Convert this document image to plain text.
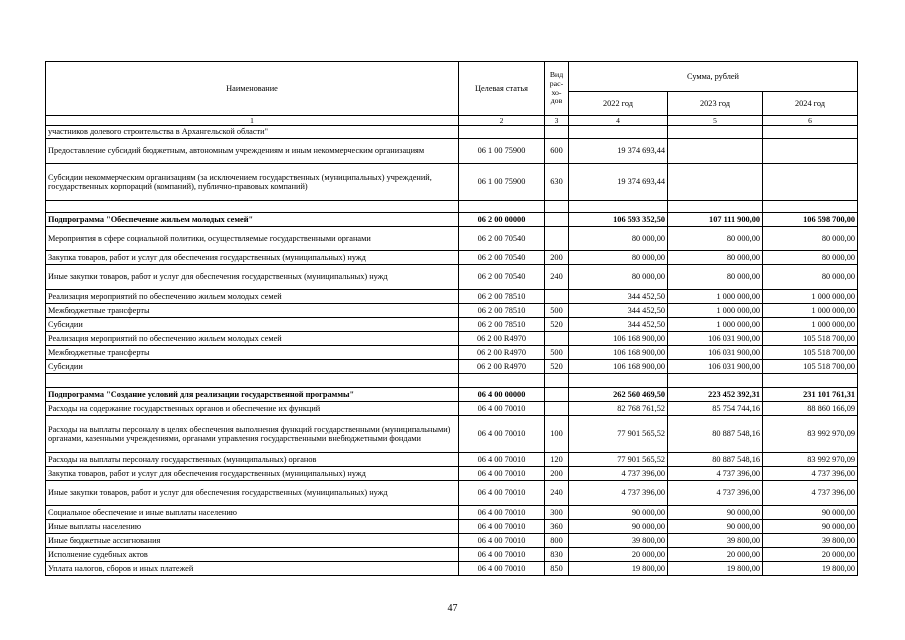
Наименование	Целевая статья	Вид рас-хо-дов	Сумма, рублей		
			2022 год	2023 год	2024 год
1	2	3	4	5	6
участников долевого строительства в Архангельской области"					
Предоставление субсидий бюджетным, автономным учреждениям и иным некоммерческим организациям	06 1 00 75900	600	19 374 693,44		
Субсидии некоммерческим организациям (за исключением государственных (муниципальных) учреждений, государственных корпораций (компаний), публично-правовых компаний)	06 1 00 75900	630	19 374 693,44		

Подпрограмма "Обеспечение жильем молодых семей"	06 2 00 00000		106 593 352,50	107 111 900,00	106 598 700,00
Мероприятия в сфере социальной политики, осуществляемые государственными органами	06 2 00 70540		80 000,00	80 000,00	80 000,00
Закупка товаров, работ и услуг для обеспечения государственных (муниципальных) нужд	06 2 00 70540	200	80 000,00	80 000,00	80 000,00
Иные закупки товаров, работ и услуг для обеспечения государственных (муниципальных) нужд	06 2 00 70540	240	80 000,00	80 000,00	80 000,00
Реализация мероприятий по обеспечению жильем молодых семей	06 2 00 78510		344 452,50	1 000 000,00	1 000 000,00
Межбюджетные трансферты	06 2 00 78510	500	344 452,50	1 000 000,00	1 000 000,00
Субсидии	06 2 00 78510	520	344 452,50	1 000 000,00	1 000 000,00
Реализация мероприятий по обеспечению жильем молодых семей	06 2 00 R4970		106 168 900,00	106 031 900,00	105 518 700,00
Межбюджетные трансферты	06 2 00 R4970	500	106 168 900,00	106 031 900,00	105 518 700,00
Субсидии	06 2 00 R4970	520	106 168 900,00	106 031 900,00	105 518 700,00

Подпрограмма "Создание условий для реализации государственной программы"	06 4 00 00000		262 560 469,50	223 452 392,31	231 101 761,31
Расходы на содержание государственных органов и обеспечение их функций	06 4 00 70010		82 768 761,52	85 754 744,16	88 860 166,09
Расходы на выплаты персоналу в целях обеспечения выполнения функций государственными (муниципальными) органами, казенными учреждениями, органами управления государственными внебюджетными фондами	06 4 00 70010	100	77 901 565,52	80 887 548,16	83 992 970,09
Расходы на выплаты персоналу государственных (муниципальных) органов	06 4 00 70010	120	77 901 565,52	80 887 548,16	83 992 970,09
Закупка товаров, работ и услуг для обеспечения государственных (муниципальных) нужд	06 4 00 70010	200	4 737 396,00	4 737 396,00	4 737 396,00
Иные закупки товаров, работ и услуг для обеспечения государственных (муниципальных) нужд	06 4 00 70010	240	4 737 396,00	4 737 396,00	4 737 396,00
Социальное обеспечение и иные выплаты населению	06 4 00 70010	300	90 000,00	90 000,00	90 000,00
Иные выплаты населению	06 4 00 70010	360	90 000,00	90 000,00	90 000,00
Иные бюджетные ассигнования	06 4 00 70010	800	39 800,00	39 800,00	39 800,00
Исполнение судебных актов	06 4 00 70010	830	20 000,00	20 000,00	20 000,00
Уплата налогов, сборов и иных платежей	06 4 00 70010	850	19 800,00	19 800,00	19 800,00
47
